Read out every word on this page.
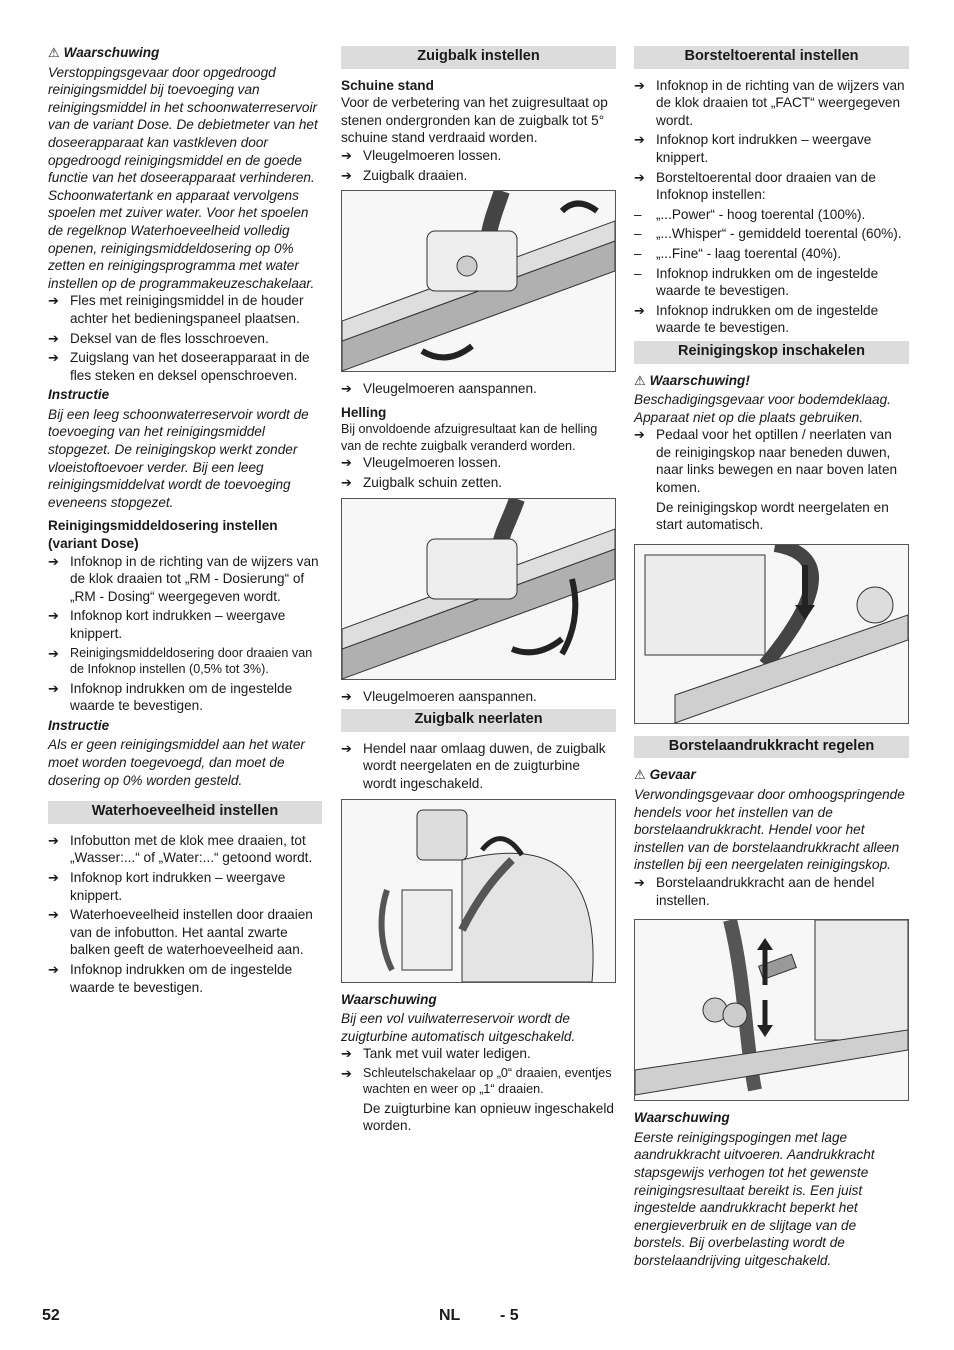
⚠ Waarschuwing
Verstoppingsgevaar door opgedroogd reinigingsmiddel bij toevoeging van reinigingsmiddel in het schoonwaterreservoir van de variant Dose. De debietmeter van het doseerapparaat kan vastkleven door opgedroogd reinigingsmiddel en de goede functie van het doseerapparaat verhinderen. Schoonwatertank en apparaat vervolgens spoelen met zuiver water. Voor het spoelen de regelknop Waterhoeveelheid volledig openen, reinigingsmiddeldosering op 0% zetten en reinigingsprogramma met water instellen op de programmakeuzeschakelaar.
➔ Fles met reinigingsmiddel in de houder achter het bedieningspaneel plaatsen.
➔ Deksel van de fles losschroeven.
➔ Zuigslang van het doseerapparaat in de fles steken en deksel openschroeven.
Instructie
Bij een leeg schoonwaterreservoir wordt de toevoeging van het reinigingsmiddel stopgezet. De reinigingskop werkt zonder vloeistoftoevoer verder. Bij een leeg reinigingsmiddelvat wordt de toevoeging eveneens stopgezet.
Reinigingsmiddeldosering instellen (variant Dose)
➔ Infoknop in de richting van de wijzers van de klok draaien tot „RM - Dosierung“ of „RM - Dosing“ weergegeven wordt.
➔ Infoknop kort indrukken – weergave knippert.
➔ Reinigingsmiddeldosering door draaien van de Infoknop instellen (0,5% tot 3%).
➔ Infoknop indrukken om de ingestelde waarde te bevestigen.
Instructie
Als er geen reinigingsmiddel aan het water moet worden toegevoegd, dan moet de dosering op 0% worden gesteld.
Waterhoeveelheid instellen
➔ Infobutton met de klok mee draaien, tot „Wasser:...“ of „Water:...“ getoond wordt.
➔ Infoknop kort indrukken – weergave knippert.
➔ Waterhoeveelheid instellen door draaien van de infobutton. Het aantal zwarte balken geeft de waterhoeveelheid aan.
➔ Infoknop indrukken om de ingestelde waarde te bevestigen.
Zuigbalk instellen
Schuine stand
Voor de verbetering van het zuigresultaat op stenen ondergronden kan de zuigbalk tot 5° schuine stand verdraaid worden.
➔ Vleugelmoeren lossen.
➔ Zuigbalk draaien.
➔ Vleugelmoeren aanspannen.
Helling
Bij onvoldoende afzuigresultaat kan de helling van de rechte zuigbalk veranderd worden.
➔ Vleugelmoeren lossen.
➔ Zuigbalk schuin zetten.
➔ Vleugelmoeren aanspannen.
Zuigbalk neerlaten
➔ Hendel naar omlaag duwen, de zuigbalk wordt neergelaten en de zuigturbine wordt ingeschakeld.
Waarschuwing
Bij een vol vuilwaterreservoir wordt de zuigturbine automatisch uitgeschakeld.
➔ Tank met vuil water ledigen.
➔ Schleutelschakelaar op „0“ draaien, eventjes wachten en weer op „1“ draaien.
De zuigturbine kan opnieuw ingeschakeld worden.
Borsteltoerental instellen
➔ Infoknop in de richting van de wijzers van de klok draaien tot „FACT“ weergegeven wordt.
➔ Infoknop kort indrukken – weergave knippert.
➔ Borsteltoerental door draaien van de Infoknop instellen:
–	„...Power“ - hoog toerental (100%).
–	„...Whisper“ - gemiddeld toerental (60%).
–	„...Fine“ - laag toerental (40%).
–	Infoknop indrukken om de ingestelde waarde te bevestigen.
➔ Infoknop indrukken om de ingestelde waarde te bevestigen.
Reinigingskop inschakelen
⚠ Waarschuwing!
Beschadigingsgevaar voor bodemdeklaag. Apparaat niet op die plaats gebruiken.
➔ Pedaal voor het optillen / neerlaten van de reinigingskop naar beneden duwen, naar links bewegen en naar boven laten komen.
De reinigingskop wordt neergelaten en start automatisch.
Borstelaandrukkracht regelen
⚠ Gevaar
Verwondingsgevaar door omhoogspringende hendels voor het instellen van de borstelaandrukkracht. Hendel voor het instellen van de borstelaandrukkracht alleen instellen bij een neergelaten reinigingskop.
➔ Borstelaandrukkracht aan de hendel instellen.
Waarschuwing
Eerste reinigingspogingen met lage aandrukkracht uitvoeren. Aandrukkracht stapsgewijs verhogen tot het gewenste reinigingsresultaat bereikt is. Een juist ingestelde aandrukkracht beperkt het energieverbruik en de slijtage van de borstels. Bij overbelasting wordt de borstelaandrijving uitgeschakeld.
52	NL - 5
